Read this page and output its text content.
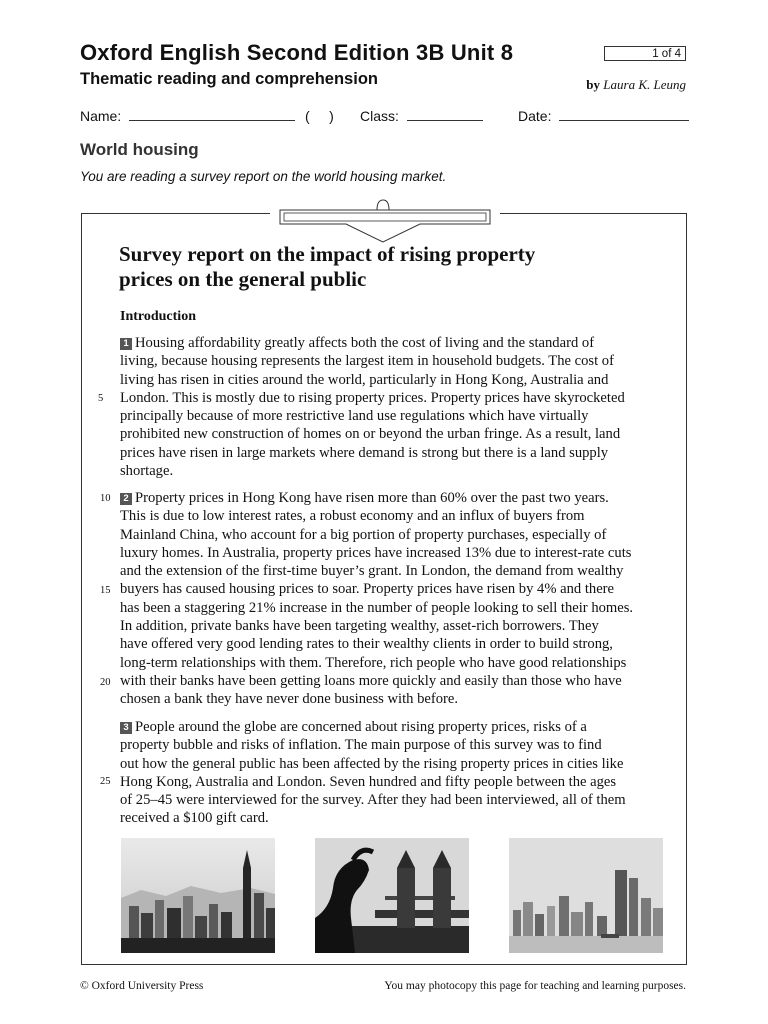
Oxford English Second Edition 3B Unit 8
Thematic reading and comprehension
1 of 4
by Laura K. Leung
Name:	(     ) Class:	Date:
World housing
You are reading a survey report on the world housing market.
Survey report on the impact of rising property
prices on the general public
Introduction
1 Housing affordability greatly affects both the cost of living and the standard of
living, because housing represents the largest item in household budgets. The cost of
living has risen in cities around the world, particularly in Hong Kong, Australia and
London. This is mostly due to rising property prices. Property prices have skyrocketed
principally because of more restrictive land use regulations which have virtually
prohibited new construction of homes on or beyond the urban fringe. As a result, land
prices have risen in large markets where demand is strong but there is a land supply
shortage.
2 Property prices in Hong Kong have risen more than 60% over the past two years.
This is due to low interest rates, a robust economy and an influx of buyers from
Mainland China, who account for a big portion of property purchases, especially of
luxury homes. In Australia, property prices have increased 13% due to interest-rate cuts
and the extension of the first-time buyer’s grant. In London, the demand from wealthy
buyers has caused housing prices to soar. Property prices have risen by 4% and there
has been a staggering 21% increase in the number of people looking to sell their homes.
In addition, private banks have been targeting wealthy, asset-rich borrowers. They
have offered very good lending rates to their wealthy clients in order to build strong,
long-term relationships with them. Therefore, rich people who have good relationships
with their banks have been getting loans more quickly and easily than those who have
chosen a bank they have never done business with before.
3 People around the globe are concerned about rising property prices, risks of a
property bubble and risks of inflation. The main purpose of this survey was to find
out how the general public has been affected by the rising property prices in cities like
Hong Kong, Australia and London. Seven hundred and fifty people between the ages
of 25–45 were interviewed for the survey. After they had been interviewed, all of them
received a $100 gift card.
5
10
15
20
25
© Oxford University Press	You may photocopy this page for teaching and learning purposes.
